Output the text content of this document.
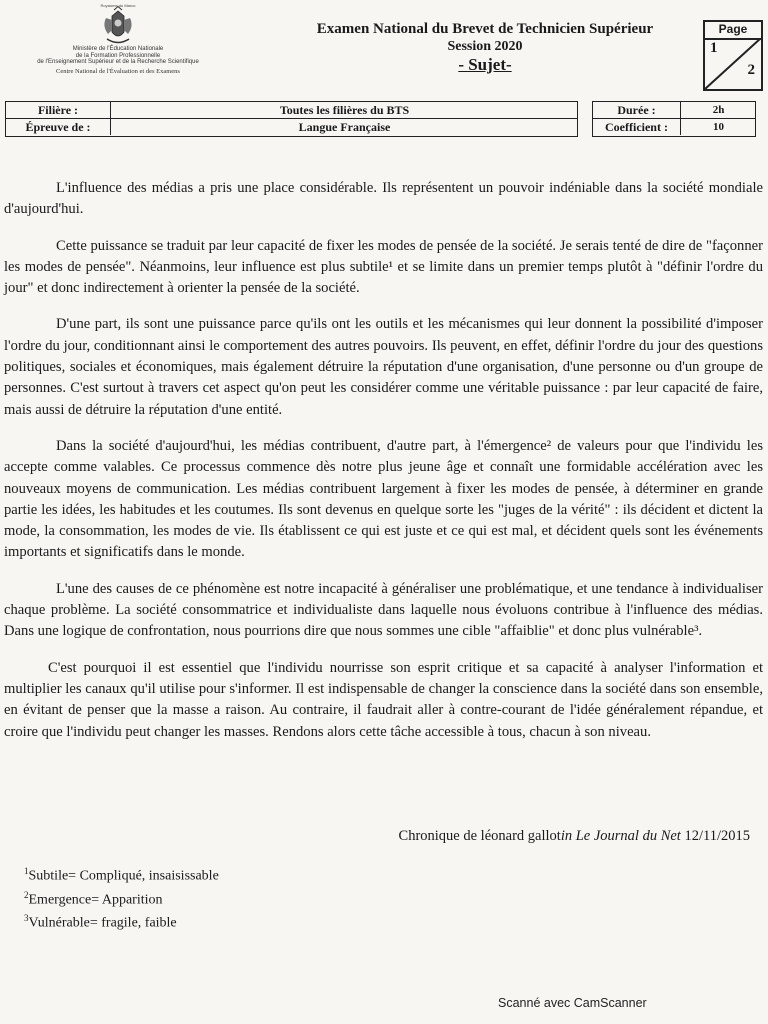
Royaume du Maroc
Ministère de l'Éducation Nationale
de la Formation Professionnelle
de l'Enseignement Supérieur et de la Recherche Scientifique
Centre National de l'Évaluation et des Examens
Examen National du Brevet de Technicien Supérieur
Session 2020
- Sujet-
Page
1
2
Filière :	Toutes les filières du BTS
Épreuve de :	Langue Française
Durée :	2h
Coefficient :	10

L'influence des médias a pris une place considérable. Ils représentent un pouvoir indéniable dans la société mondiale d'aujourd'hui.

Cette puissance se traduit par leur capacité de fixer les modes de pensée de la société. Je serais tenté de dire de "façonner les modes de pensée". Néanmoins, leur influence est plus subtile¹ et se limite dans un premier temps plutôt à "définir l'ordre du jour" et donc indirectement à orienter la pensée de la société.

D'une part, ils sont une puissance parce qu'ils ont les outils et les mécanismes qui leur donnent la possibilité d'imposer l'ordre du jour, conditionnant ainsi le comportement des autres pouvoirs. Ils peuvent, en effet, définir l'ordre du jour des questions politiques, sociales et économiques, mais également détruire la réputation d'une organisation, d'une personne ou d'un groupe de personnes. C'est surtout à travers cet aspect qu'on peut les considérer comme une véritable puissance : par leur capacité de faire, mais aussi de détruire la réputation d'une entité.

Dans la société d'aujourd'hui, les médias contribuent, d'autre part, à l'émergence² de valeurs pour que l'individu les accepte comme valables. Ce processus commence dès notre plus jeune âge et connaît une formidable accélération avec les nouveaux moyens de communication. Les médias contribuent largement à fixer les modes de pensée, à déterminer en grande partie les idées, les habitudes et les coutumes. Ils sont devenus en quelque sorte les "juges de la vérité" : ils décident et dictent la mode, la consommation, les modes de vie. Ils établissent ce qui est juste et ce qui est mal, et décident quels sont les événements importants et significatifs dans le monde.

L'une des causes de ce phénomène est notre incapacité à généraliser une problématique, et une tendance à individualiser chaque problème. La société consommatrice et individualiste dans laquelle nous évoluons contribue à l'influence des médias. Dans une logique de confrontation, nous pourrions dire que nous sommes une cible "affaiblie" et donc plus vulnérable³.

C'est pourquoi il est essentiel que l'individu nourrisse son esprit critique et sa capacité à analyser l'information et multiplier les canaux qu'il utilise pour s'informer. Il est indispensable de changer la conscience dans la société dans son ensemble, en évitant de penser que la masse a raison. Au contraire, il faudrait aller à contre-courant de l'idée généralement répandue, et croire que l'individu peut changer les masses. Rendons alors cette tâche accessible à tous, chacun à son niveau.

Chronique de léonard gallotin Le Journal du Net 12/11/2015
$^1$Subtile= Compliqué, insaisissable
$^2$Emergence= Apparition
$^3$Vulnérable= fragile, faible
Scanné avec CamScanner
